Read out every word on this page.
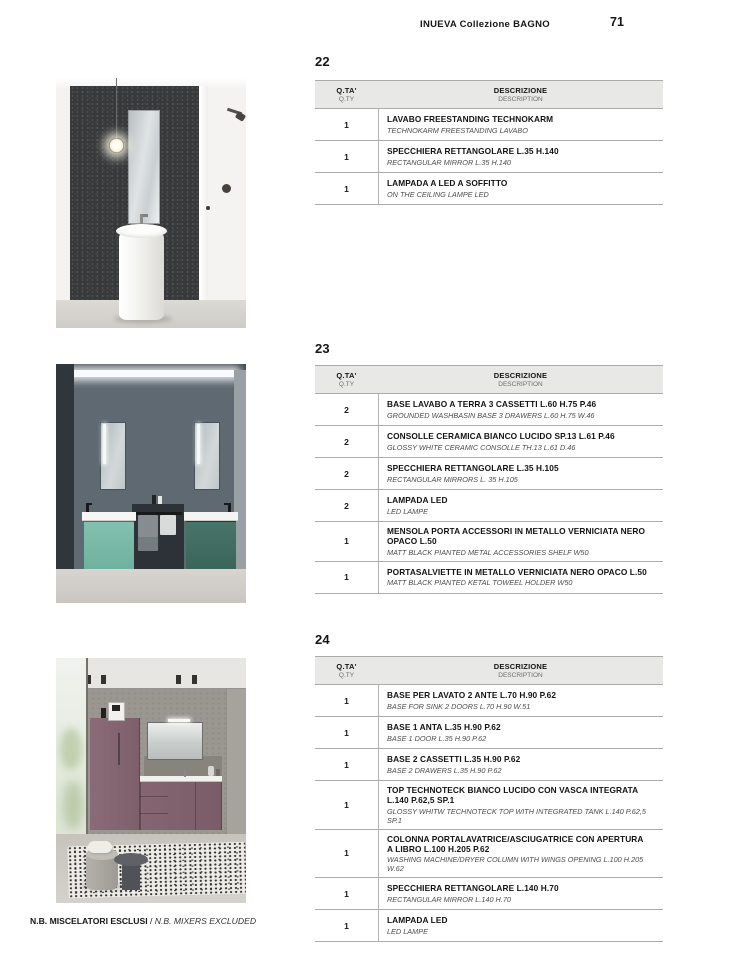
INUEVA Collezione BAGNO	71
22
Q.TA'
Q.TY
DESCRIZIONE
DESCRIPTION
1
LAVABO FREESTANDING TECHNOKARM
TECHNOKARM FREESTANDING LAVABO
1
SPECCHIERA RETTANGOLARE L.35 H.140
RECTANGULAR MIRROR L.35 H.140
1
LAMPADA A LED A SOFFITTO
ON THE CEILING LAMPE LED
23
Q.TA'
Q.TY
DESCRIZIONE
DESCRIPTION
2
BASE LAVABO A TERRA 3 CASSETTI L.60 H.75 P.46
GROUNDED WASHBASIN BASE 3 DRAWERS L.60 H.75 W.46
2
CONSOLLE CERAMICA BIANCO LUCIDO SP.13 L.61 P.46
GLOSSY WHITE CERAMIC CONSOLLE TH.13 L.61 D.46
2
SPECCHIERA RETTANGOLARE L.35 H.105
RECTANGULAR MIRRORS L. 35 H.105
2
LAMPADA LED
LED LAMPE
1
MENSOLA PORTA ACCESSORI IN METALLO VERNICIATA NERO OPACO L.50
MATT BLACK PIANTED METAL ACCESSORIES SHELF W50
1
PORTASALVIETTE IN METALLO VERNICIATA NERO OPACO L.50
MATT BLACK PIANTED KETAL TOWEEL HOLDER W50
24
Q.TA'
Q.TY
DESCRIZIONE
DESCRIPTION
1
BASE PER LAVATO 2 ANTE L.70 H.90 P.62
BASE FOR SINK 2 DOORS L.70 H.90 W.51
1
BASE 1 ANTA L.35 H.90 P.62
BASE 1 DOOR L.35 H.90 P.62
1
BASE 2 CASSETTI L.35 H.90 P.62
BASE 2 DRAWERS L.35 H.90 P.62
1
TOP TECHNOTECK BIANCO LUCIDO CON VASCA INTEGRATA L.140 P.62,5 SP.1
GLOSSY WHITW TECHNOTECK TOP WITH INTEGRATED TANK L.140 P.62,5 SP.1
1
COLONNA PORTALAVATRICE/ASCIUGATRICE CON APERTURA A LIBRO L.100 H.205 P.62
WASHING MACHINE/DRYER COLUMN WITH WINGS OPENING L.100 H.205 W.62
1
SPECCHIERA RETTANGOLARE L.140 H.70
RECTANGULAR MIRROR L.140 H.70
1
LAMPADA LED
LED LAMPE
N.B. MISCELATORI ESCLUSI / N.B. MIXERS EXCLUDED
